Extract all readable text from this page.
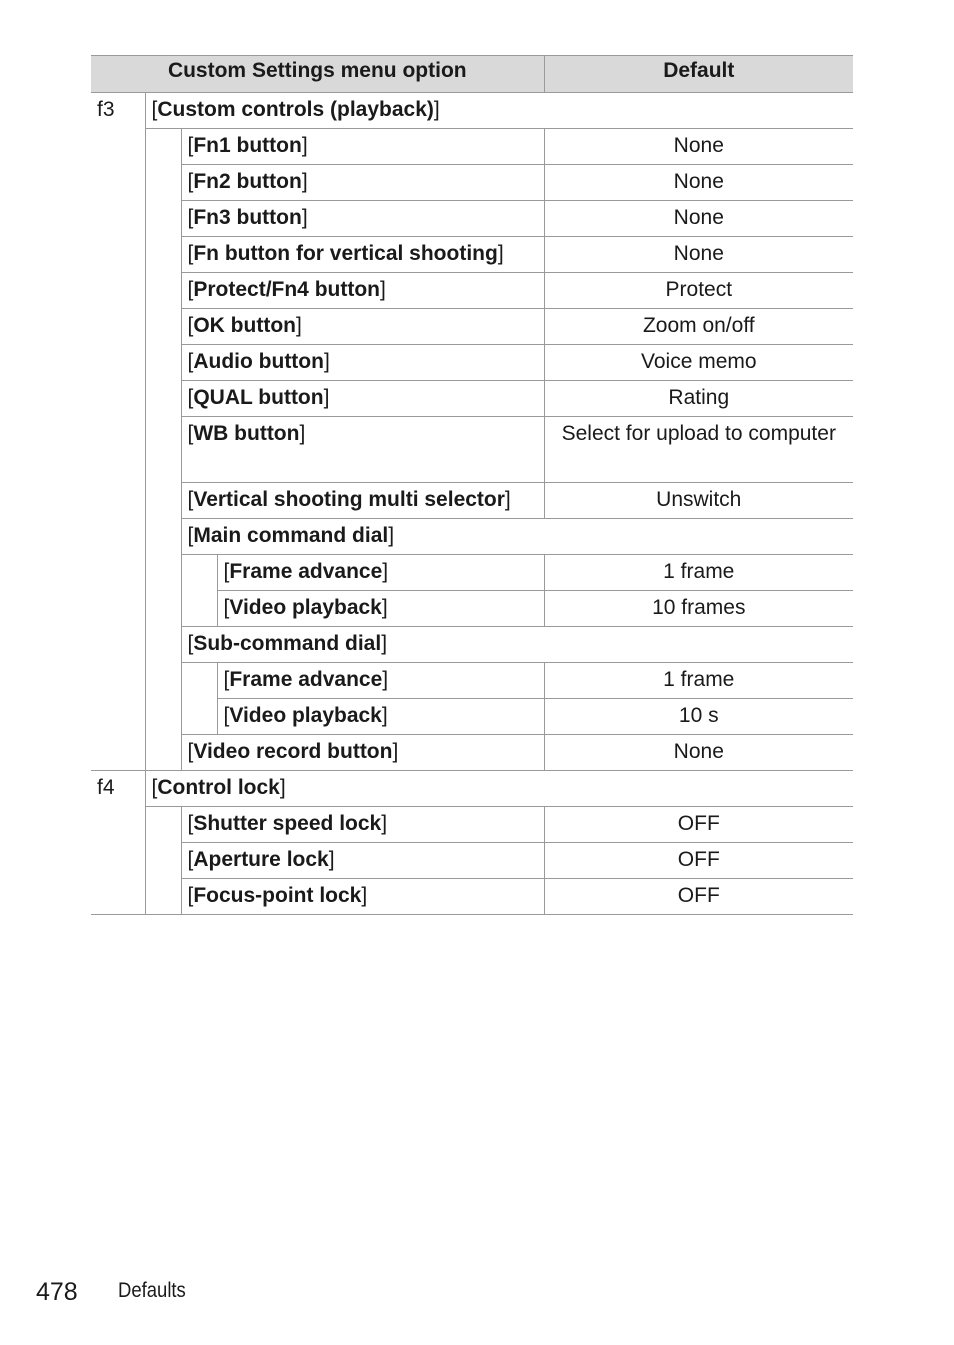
Custom Settings menu option				Default
f3	[Custom controls (playback)]			
		[Fn1 button]		None
		[Fn2 button]		None
		[Fn3 button]		None
		[Fn button for vertical shooting]		None
		[Protect/Fn4 button]		Protect
		[OK button]		Zoom on/off
		[Audio button]		Voice memo
		[QUAL button]		Rating
		[WB button]		Select for upload to computer
		[Vertical shooting multi selector]		Unswitch
		[Main command dial]		
			[Frame advance]	1 frame
			[Video playback]	10 frames
		[Sub-command dial]		
			[Frame advance]	1 frame
			[Video playback]	10 s
		[Video record button]		None
f4	[Control lock]			
		[Shutter speed lock]		OFF
		[Aperture lock]		OFF
		[Focus-point lock]		OFF
478 Defaults
